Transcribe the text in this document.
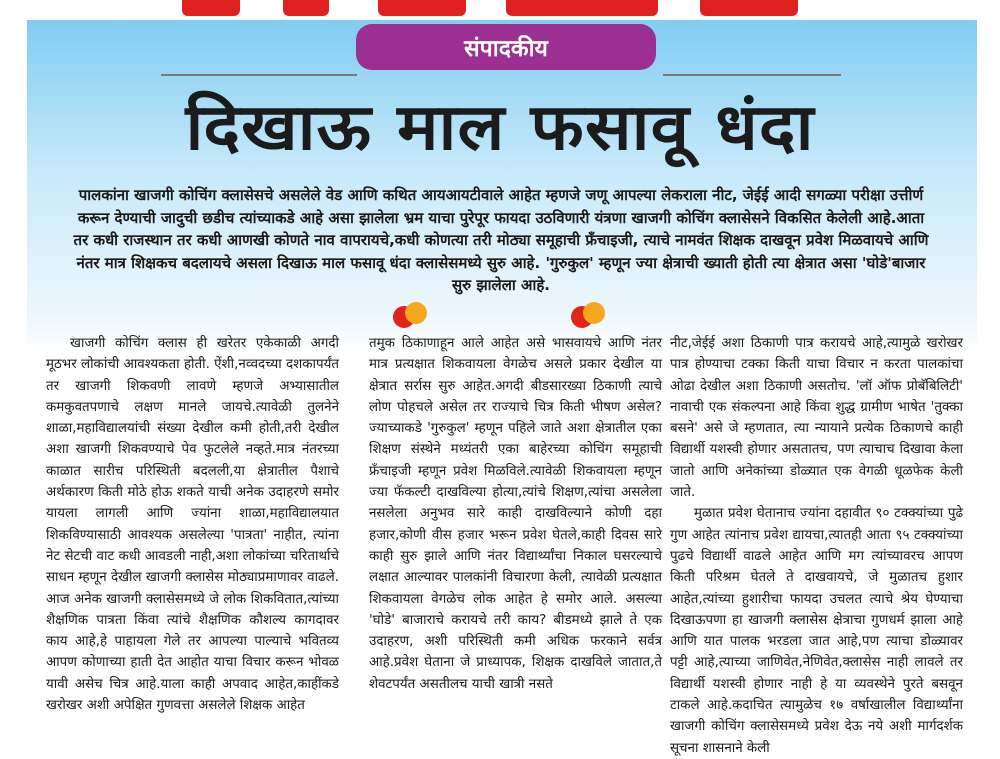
संपादकीय
दिखाऊ माल फसावू धंदा
पालकांना खाजगी कोचिंग क्लासेसचे असलेले वेड आणि कथित आयआयटीवाले आहेत म्हणजे जणू आपल्या लेकराला नीट, जेईई आदी सगळ्या परीक्षा उत्तीर्ण करून देण्याची जादुची छडीच त्यांच्याकडे आहे असा झालेला भ्रम याचा पुरेपूर फायदा उठविणारी यंत्रणा खाजगी कोचिंग क्लासेसने विकसित केलेली आहे.आता तर कधी राजस्थान तर कधी आणखी कोणते नाव वापरायचे,कधी कोणत्या तरी मोठ्या समूहाची फ्रँचाइजी, त्याचे नामवंत शिक्षक दाखवून प्रवेश मिळवायचे आणि नंतर मात्र शिक्षकच बदलायचे असला दिखाऊ माल फसावू धंदा क्लासेसमध्ये सुरु आहे. 'गुरुकुल' म्हणून ज्या क्षेत्राची ख्याती होती त्या क्षेत्रात असा 'घोडे'बाजार सुरु झालेला आहे.

खाजगी कोचिंग क्लास ही खरेतर एकेकाळी अगदी मूठभर लोकांची आवश्यकता होती. ऐंशी,नव्वदच्या दशकापर्यंत तर खाजगी शिकवणी लावणे म्हणजे अभ्यासातील कमकुवतपणाचे लक्षण मानले जायचे.त्यावेळी तुलनेने शाळा,महाविद्यालयांची संख्या देखील कमी होती,तरी देखील अशा खाजगी शिकवण्याचे पेव फुटलेले नव्हते.मात्र नंतरच्या काळात सारीच परिस्थिती बदलली,या क्षेत्रातील पैशाचे अर्थकारण किती मोठे होऊ शकते याची अनेक उदाहरणे समोर यायला लागली आणि ज्यांना शाळा,महाविद्यालयात शिकविण्यासाठी आवश्यक असलेल्या 'पात्रता' नाहीत, त्यांना नेट सेटची वाट कधी आवडली नाही,अशा लोकांच्या चरितार्थाचे साधन म्हणून देखील खाजगी क्लासेस मोठ्याप्रमाणावर वाढले.

आज अनेक खाजगी क्लासेसमध्ये जे लोक शिकवितात,त्यांच्या शैक्षणिक पात्रता किंवा त्यांचे शैक्षणिक कौशल्य कागदावर काय आहे,हे पाहायला गेले तर आपल्या पाल्याचे भवितव्य आपण कोणाच्या हाती देत आहोत याचा विचार करून भोवळ यावी असेच चित्र आहे.याला काही अपवाद आहेत,काहींकडे खरोखर अशी अपेक्षित गुणवत्ता असलेले शिक्षक आहेत

तमुक ठिकाणाहून आले आहेत असे भासवायचे आणि नंतर मात्र प्रत्यक्षात शिकवायला वेगळेच असले प्रकार देखील या क्षेत्रात सर्रास सुरु आहेत.अगदी बीडसारख्या ठिकाणी त्याचे लोण पोहचले असेल तर राज्याचे चित्र किती भीषण असेल? ज्याच्याकडे 'गुरुकुल' म्हणून पहिले जाते अशा क्षेत्रातील एका शिक्षण संस्थेने मध्यंतरी एका बाहेरच्या कोचिंग समूहाची फ्रँचाइजी म्हणून प्रवेश मिळविले.त्यावेळी शिकवायला म्हणून ज्या फॅकल्टी दाखविल्या होत्या,त्यांचे शिक्षण,त्यांचा असलेला नसलेला अनुभव सारे काही दाखविल्याने कोणी दहा हजार,कोणी वीस हजार भरून प्रवेश घेतले,काही दिवस सारे काही सुरु झाले आणि नंतर विद्यार्थ्यांचा निकाल घसरल्याचे लक्षात आल्यावर पालकांनी विचारणा केली, त्यावेळी प्रत्यक्षात शिकवायला वेगळेच लोक आहेत हे समोर आले. असल्या 'घोडे' बाजाराचे करायचे तरी काय? बीडमध्ये झाले ते एक उदाहरण, अशी परिस्थिती कमी अधिक फरकाने सर्वत्र आहे.प्रवेश घेताना जे प्राध्यापक, शिक्षक दाखविले जातात,ते शेवटपर्यंत असतीलच याची खात्री नसते

नीट,जेईई अशा ठिकाणी पात्र करायचे आहे,त्यामुळे खरोखर पात्र होण्याचा टक्का किती याचा विचार न करता पालकांचा ओढा देखील अशा ठिकाणी असतोच. 'लॉ ऑफ प्रोबॅबिलिटी' नावाची एक संकल्पना आहे किंवा शुद्ध ग्रामीण भाषेत 'तुक्का बसने' असे जे म्हणतात, त्या न्यायाने प्रत्येक ठिकाणचे काही विद्यार्थी यशस्वी होणार असतातच, पण त्याचाच दिखावा केला जातो आणि अनेकांच्या डोळ्यात एक वेगळी धूळफेक केली जाते.

मुळात प्रवेश घेतानाच ज्यांना दहावीत ९० टक्क्यांच्या पुढे गुण आहेत त्यांनाच प्रवेश द्यायचा,त्यातही आता ९५ टक्क्यांच्या पुढचे विद्यार्थी वाढले आहेत आणि मग त्यांच्यावरच आपण किती परिश्रम घेतले ते दाखवायचे, जे मुळातच हुशार आहेत,त्यांच्या हुशारीचा फायदा उचलत त्याचे श्रेय घेण्याचा दिखाऊपणा हा खाजगी क्लासेस क्षेत्राचा गुणधर्म झाला आहे आणि यात पालक भरडला जात आहे,पण त्याचा डोळ्यावर पट्टी आहे,त्याच्या जाणिवेत,नेणिवेत,क्लासेस नाही लावले तर विद्यार्थी यशस्वी होणार नाही हे या व्यवस्थेने पुरते बसवून टाकले आहे.कदाचित त्यामुळेच १७ वर्षाखालील विद्यार्थ्यांना खाजगी कोचिंग क्लासेसमध्ये प्रवेश देऊ नये अशी मार्गदर्शक सूचना शासनाने केली
